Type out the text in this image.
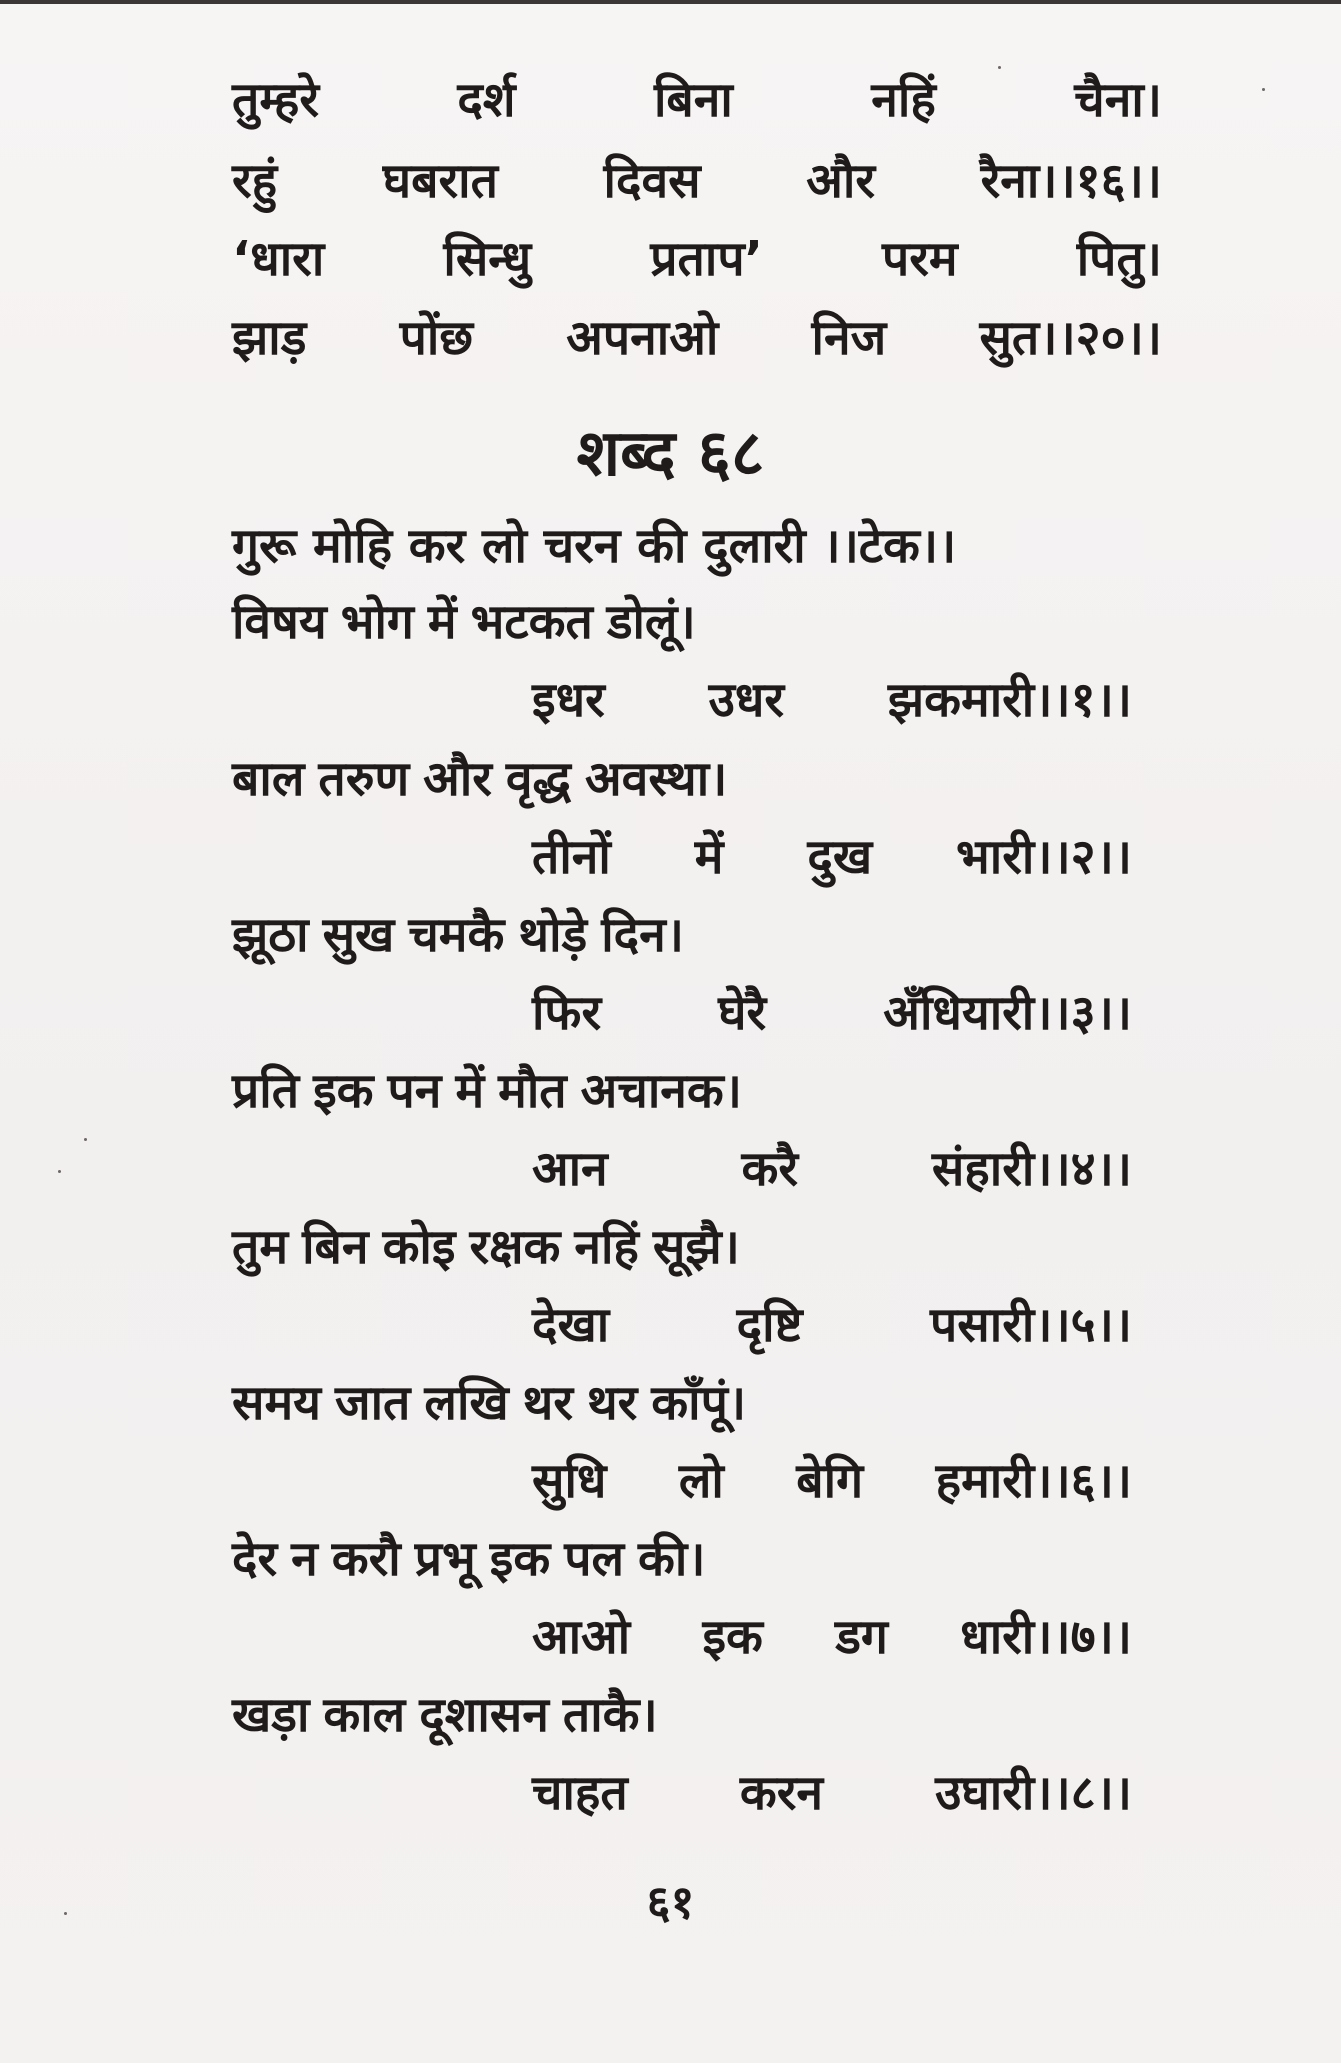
तुम्हरे	दर्श	बिना	नहिं	चैना।
रहुं घबरात दिवस और रैना।।१६।।
‘धारा सिन्धु प्रताप’ परम पितु।
झाड़ पोंछ अपनाओ निज सुत।।२०।।
शब्द ६८
गुरू मोहि कर लो चरन की दुलारी ।।टेक।।
विषय भोग में भटकत डोलूं।
इधर उधर झकमारी।।१।।
बाल तरुण और वृद्ध अवस्था।
तीनों में दुख भारी।।२।।
झूठा सुख चमकै थोड़े दिन।
फिर घेरै अँधियारी।।३।।
प्रति इक पन में मौत अचानक।
आन	करै	संहारी।।४।।
तुम बिन कोइ रक्षक नहिं सूझै।
देखा	दृष्टि	पसारी।।५।।
समय जात लखि थर थर काँपूं।
सुधि लो बेगि हमारी।।६।।
देर न करौ प्रभू इक पल की।
आओ इक डग धारी।।७।।
खड़ा काल दूशासन ताकै।
चाहत करन उघारी।।८।।
६१
